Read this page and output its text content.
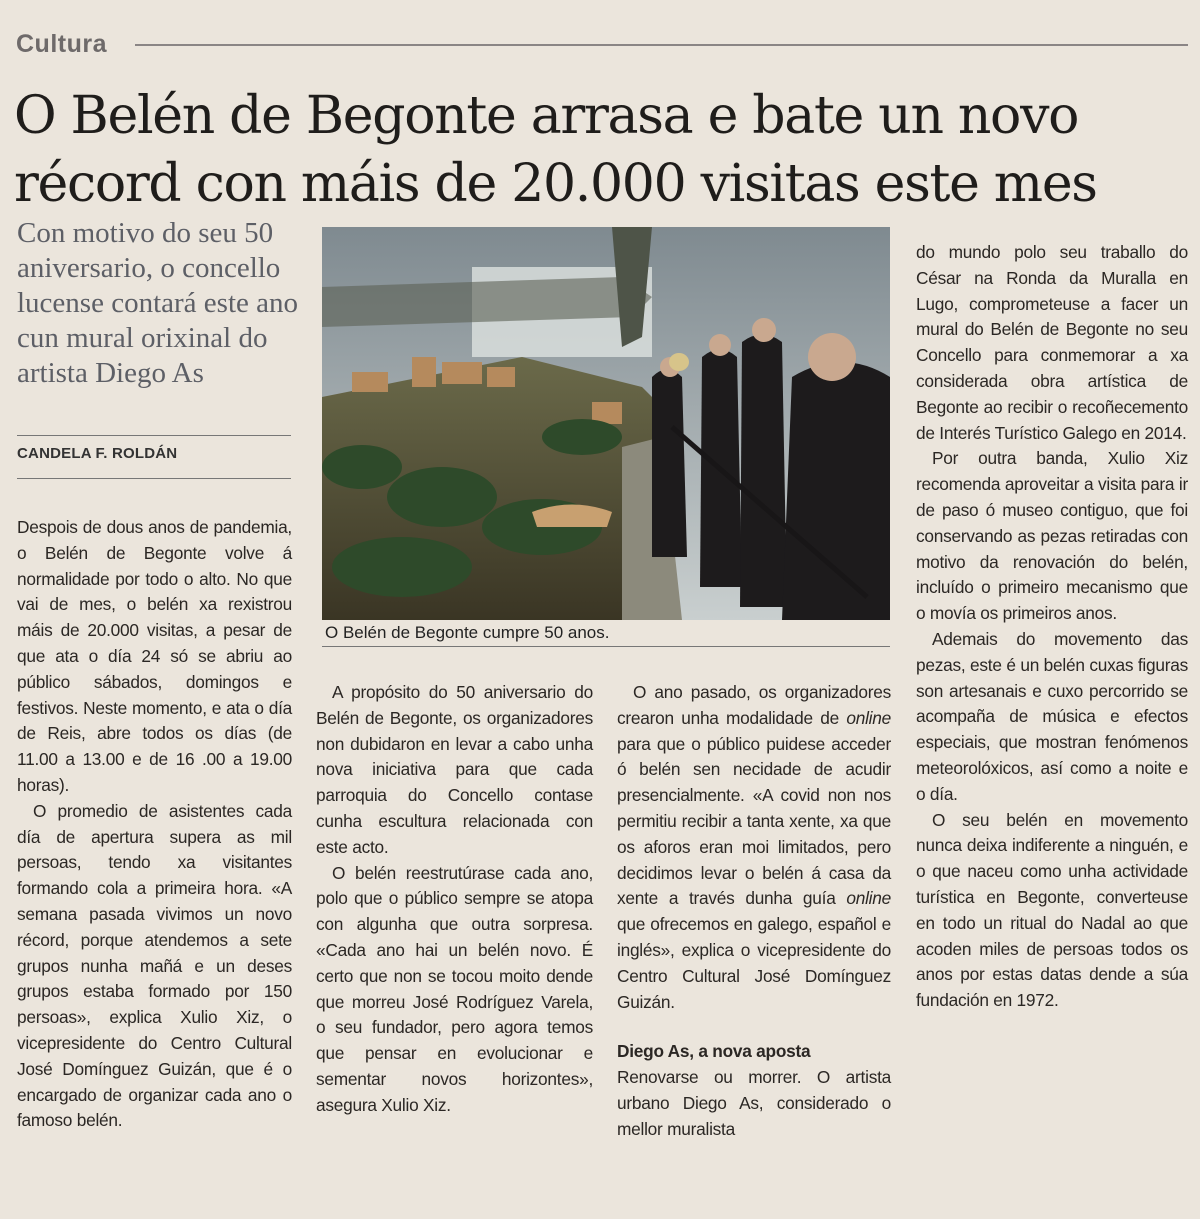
Cultura
O Belén de Begonte arrasa e bate un novo
récord con máis de 20.000 visitas este mes

Con motivo do seu 50 aniversario, o concello lucense contará este ano cun mural orixinal do artista Diego As

CANDELA F. ROLDÁN
O Belén de Begonte cumpre 50 anos.

Despois de dous anos de pandemia, o Belén de Begonte volve á normalidade por todo o alto. No que vai de mes, o belén xa rexistrou máis de 20.000 visitas, a pesar de que ata o día 24 só se abriu ao público sábados, domingos e festivos. Neste momento, e ata o día de Reis, abre todos os días (de 11.00 a 13.00 e de 16 .00 a 19.00 horas).

O promedio de asistentes cada día de apertura supera as mil persoas, tendo xa visitantes formando cola a primeira hora. «A semana pasada vivimos un novo récord, porque atendemos a sete grupos nunha mañá e un deses grupos estaba formado por 150 persoas», explica Xulio Xiz, o vicepresidente do Centro Cultural José Domínguez Guizán, que é o encargado de organizar cada ano o famoso belén.

A propósito do 50 aniversario do Belén de Begonte, os organizadores non dubidaron en levar a cabo unha nova iniciativa para que cada parroquia do Concello contase cunha escultura relacionada con este acto.

O belén reestrutúrase cada ano, polo que o público sempre se atopa con algunha que outra sorpresa. «Cada ano hai un belén novo. É certo que non se tocou moito dende que morreu José Rodríguez Varela, o seu fundador, pero agora temos que pensar en evolucionar e sementar novos horizontes», asegura Xulio Xiz.

O ano pasado, os organizadores crearon unha modalidade de online para que o público puidese acceder ó belén sen necidade de acudir presencialmente. «A covid non nos permitiu recibir a tanta xente, xa que os aforos eran moi limitados, pero decidimos levar o belén á casa da xente a través dunha guía online que ofrecemos en galego, español e inglés», explica o vicepresidente do Centro Cultural José Domínguez Guizán.

Diego As, a nova aposta

Renovarse ou morrer. O artista urbano Diego As, considerado o mellor muralista

do mundo polo seu traballo do César na Ronda da Muralla en Lugo, comprometeuse a facer un mural do Belén de Begonte no seu Concello para conmemorar a xa considerada obra artística de Begonte ao recibir o recoñecemento de Interés Turístico Galego en 2014.

Por outra banda, Xulio Xiz recomenda aproveitar a visita para ir de paso ó museo contiguo, que foi conservando as pezas retiradas con motivo da renovación do belén, incluído o primeiro mecanismo que o movía os primeiros anos.

Ademais do movemento das pezas, este é un belén cuxas figuras son artesanais e cuxo percorrido se acompaña de música e efectos especiais, que mostran fenómenos meteorolóxicos, así como a noite e o día.

O seu belén en movemento nunca deixa indiferente a ninguén, e o que naceu como unha actividade turística en Begonte, converteuse en todo un ritual do Nadal ao que acoden miles de persoas todos os anos por estas datas dende a súa fundación en 1972.
